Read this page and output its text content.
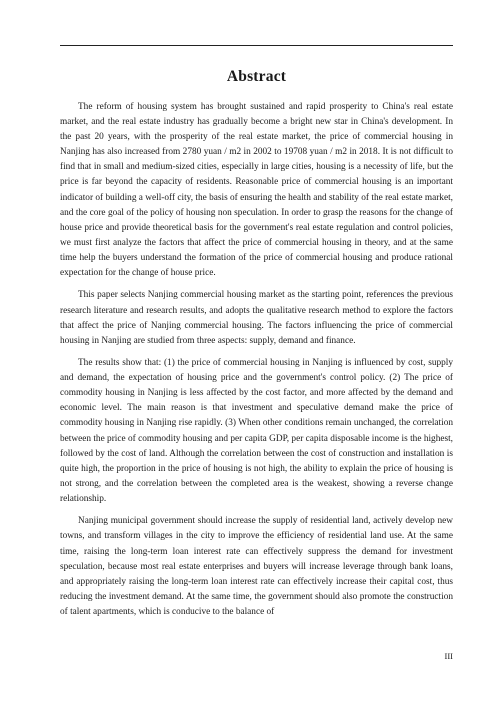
Abstract

The reform of housing system has brought sustained and rapid prosperity to China's real estate market, and the real estate industry has gradually become a bright new star in China's development. In the past 20 years, with the prosperity of the real estate market, the price of commercial housing in Nanjing has also increased from 2780 yuan / m2 in 2002 to 19708 yuan / m2 in 2018. It is not difficult to find that in small and medium-sized cities, especially in large cities, housing is a necessity of life, but the price is far beyond the capacity of residents. Reasonable price of commercial housing is an important indicator of building a well-off city, the basis of ensuring the health and stability of the real estate market, and the core goal of the policy of housing non speculation. In order to grasp the reasons for the change of house price and provide theoretical basis for the government's real estate regulation and control policies, we must first analyze the factors that affect the price of commercial housing in theory, and at the same time help the buyers understand the formation of the price of commercial housing and produce rational expectation for the change of house price.

This paper selects Nanjing commercial housing market as the starting point, references the previous research literature and research results, and adopts the qualitative research method to explore the factors that affect the price of Nanjing commercial housing. The factors influencing the price of commercial housing in Nanjing are studied from three aspects: supply, demand and finance.

The results show that: (1) the price of commercial housing in Nanjing is influenced by cost, supply and demand, the expectation of housing price and the government's control policy. (2) The price of commodity housing in Nanjing is less affected by the cost factor, and more affected by the demand and economic level. The main reason is that investment and speculative demand make the price of commodity housing in Nanjing rise rapidly. (3) When other conditions remain unchanged, the correlation between the price of commodity housing and per capita GDP, per capita disposable income is the highest, followed by the cost of land. Although the correlation between the cost of construction and installation is quite high, the proportion in the price of housing is not high, the ability to explain the price of housing is not strong, and the correlation between the completed area is the weakest, showing a reverse change relationship.

Nanjing municipal government should increase the supply of residential land, actively develop new towns, and transform villages in the city to improve the efficiency of residential land use. At the same time, raising the long-term loan interest rate can effectively suppress the demand for investment speculation, because most real estate enterprises and buyers will increase leverage through bank loans, and appropriately raising the long-term loan interest rate can effectively increase their capital cost, thus reducing the investment demand. At the same time, the government should also promote the construction of talent apartments, which is conducive to the balance of

III
